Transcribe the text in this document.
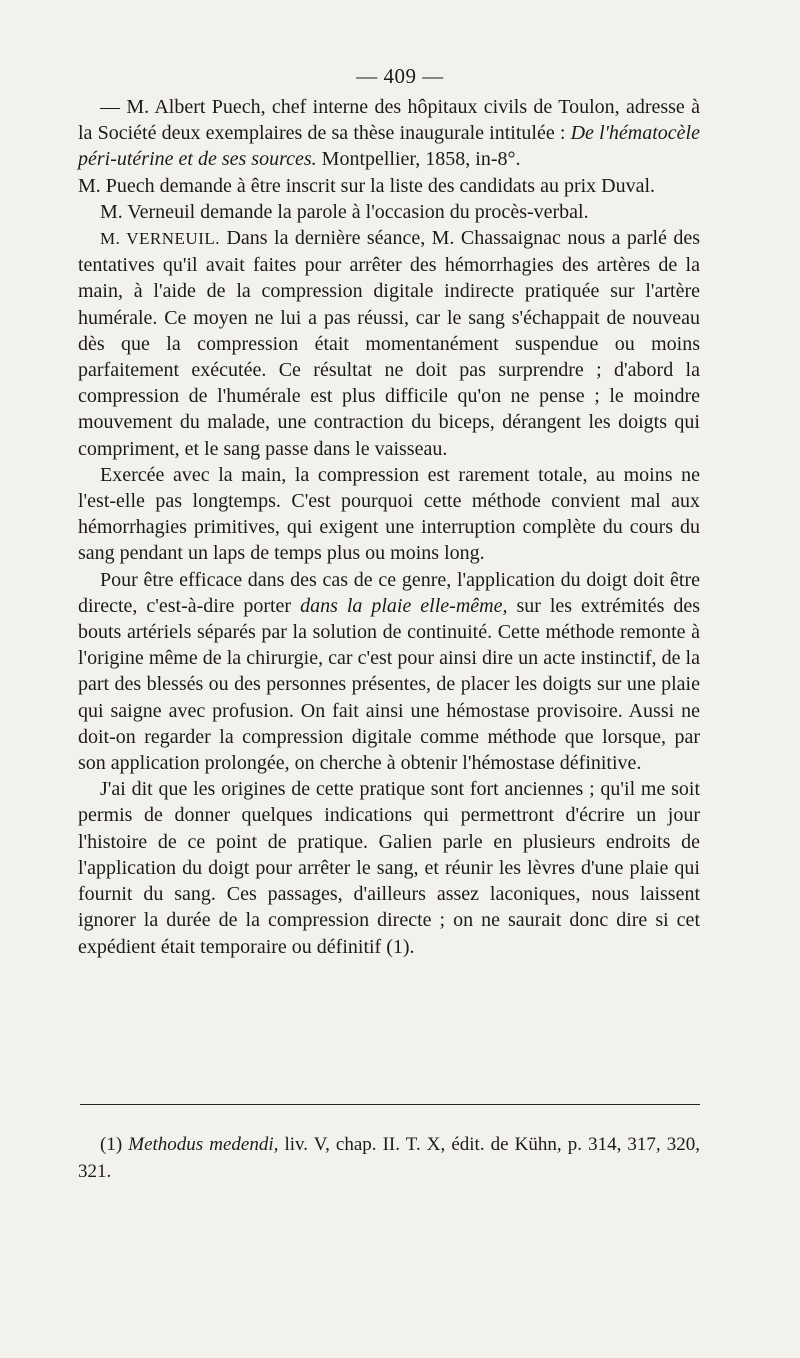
— 409 —

— M. Albert Puech, chef interne des hôpitaux civils de Toulon, adresse à la Société deux exemplaires de sa thèse inaugurale intitulée : De l'hématocèle péri-utérine et de ses sources. Montpellier, 1858, in-8°.

M. Puech demande à être inscrit sur la liste des candidats au prix Duval.

M. Verneuil demande la parole à l'occasion du procès-verbal.

M. VERNEUIL. Dans la dernière séance, M. Chassaignac nous a parlé des tentatives qu'il avait faites pour arrêter des hémorrhagies des artères de la main, à l'aide de la compression digitale indirecte pratiquée sur l'artère humérale. Ce moyen ne lui a pas réussi, car le sang s'échappait de nouveau dès que la compression était momentanément suspendue ou moins parfaitement exécutée. Ce résultat ne doit pas surprendre ; d'abord la compression de l'humérale est plus difficile qu'on ne pense ; le moindre mouvement du malade, une contraction du biceps, dérangent les doigts qui compriment, et le sang passe dans le vaisseau.

Exercée avec la main, la compression est rarement totale, au moins ne l'est-elle pas longtemps. C'est pourquoi cette méthode convient mal aux hémorrhagies primitives, qui exigent une interruption complète du cours du sang pendant un laps de temps plus ou moins long.

Pour être efficace dans des cas de ce genre, l'application du doigt doit être directe, c'est-à-dire porter dans la plaie elle-même, sur les extrémités des bouts artériels séparés par la solution de continuité. Cette méthode remonte à l'origine même de la chirurgie, car c'est pour ainsi dire un acte instinctif, de la part des blessés ou des personnes présentes, de placer les doigts sur une plaie qui saigne avec profusion. On fait ainsi une hémostase provisoire. Aussi ne doit-on regarder la compression digitale comme méthode que lorsque, par son application prolongée, on cherche à obtenir l'hémostase définitive.

J'ai dit que les origines de cette pratique sont fort anciennes ; qu'il me soit permis de donner quelques indications qui permettront d'écrire un jour l'histoire de ce point de pratique. Galien parle en plusieurs endroits de l'application du doigt pour arrêter le sang, et réunir les lèvres d'une plaie qui fournit du sang. Ces passages, d'ailleurs assez laconiques, nous laissent ignorer la durée de la compression directe ; on ne saurait donc dire si cet expédient était temporaire ou définitif (1).

(1) Methodus medendi, liv. V, chap. II. T. X, édit. de Kühn, p. 314, 317, 320, 321.
